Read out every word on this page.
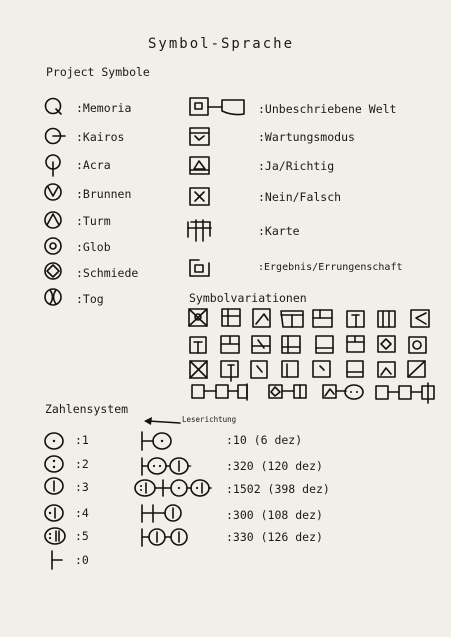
Symbol-Sprache
Project Symbole
:Memoria
:Kairos
:Acra
:Brunnen
:Turm
:Glob
:Schmiede
:Tog
:Unbeschriebene Welt
:Wartungsmodus
:Ja/Richtig
:Nein/Falsch
:Karte
:Ergebnis/Errungenschaft
Symbolvariationen
Zahlensystem
Leserichtung
:1
:2
:3
:4
:5
:0
:10 (6 dez)
:320 (120 dez)
:1502 (398 dez)
:300 (108 dez)
:330 (126 dez)
